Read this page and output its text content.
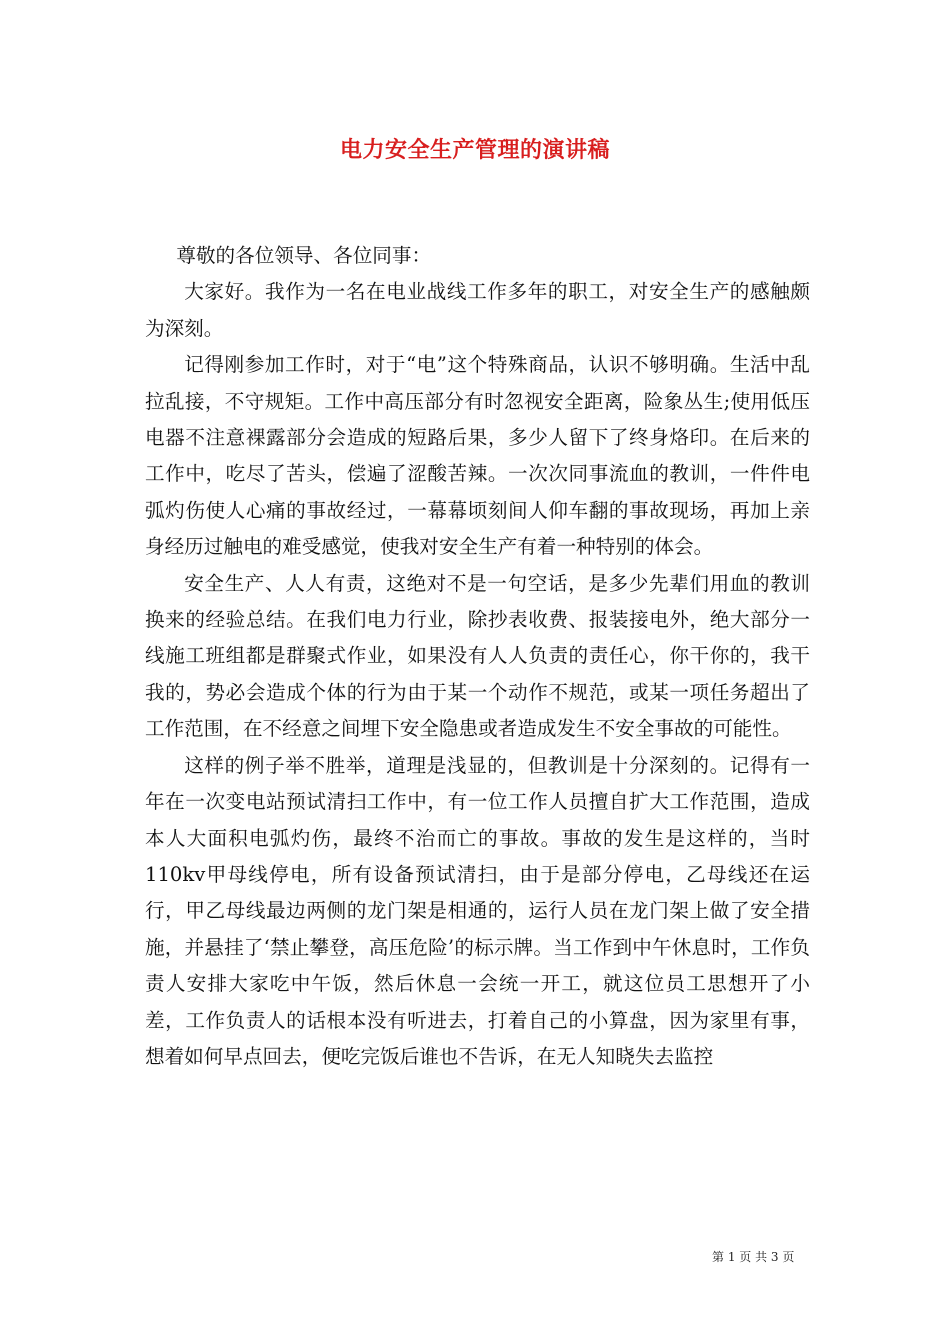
电力安全生产管理的演讲稿

尊敬的各位领导、各位同事：

大家好。我作为一名在电业战线工作多年的职工，对安全生产的感触颇为深刻。

记得刚参加工作时，对于“电”这个特殊商品，认识不够明确。生活中乱拉乱接，不守规矩。工作中高压部分有时忽视安全距离，险象丛生;使用低压电器不注意裸露部分会造成的短路后果，多少人留下了终身烙印。在后来的工作中，吃尽了苦头，偿遍了涩酸苦辣。一次次同事流血的教训，一件件电弧灼伤使人心痛的事故经过，一幕幕顷刻间人仰车翻的事故现场，再加上亲身经历过触电的难受感觉，使我对安全生产有着一种特别的体会。

安全生产、人人有责，这绝对不是一句空话，是多少先辈们用血的教训换来的经验总结。在我们电力行业，除抄表收费、报装接电外，绝大部分一线施工班组都是群聚式作业，如果没有人人负责的责任心，你干你的，我干我的，势必会造成个体的行为由于某一个动作不规范，或某一项任务超出了工作范围，在不经意之间埋下安全隐患或者造成发生不安全事故的可能性。

这样的例子举不胜举，道理是浅显的，但教训是十分深刻的。记得有一年在一次变电站预试清扫工作中，有一位工作人员擅自扩大工作范围，造成本人大面积电弧灼伤，最终不治而亡的事故。事故的发生是这样的，当时110kv甲母线停电，所有设备预试清扫，由于是部分停电，乙母线还在运行，甲乙母线最边两侧的龙门架是相通的，运行人员在龙门架上做了安全措施，并悬挂了‘禁止攀登，高压危险’的标示牌。当工作到中午休息时，工作负责人安排大家吃中午饭，然后休息一会统一开工，就这位员工思想开了小差，工作负责人的话根本没有听进去，打着自己的小算盘，因为家里有事，想着如何早点回去，便吃完饭后谁也不告诉，在无人知晓失去监控

第 1 页 共 3 页
